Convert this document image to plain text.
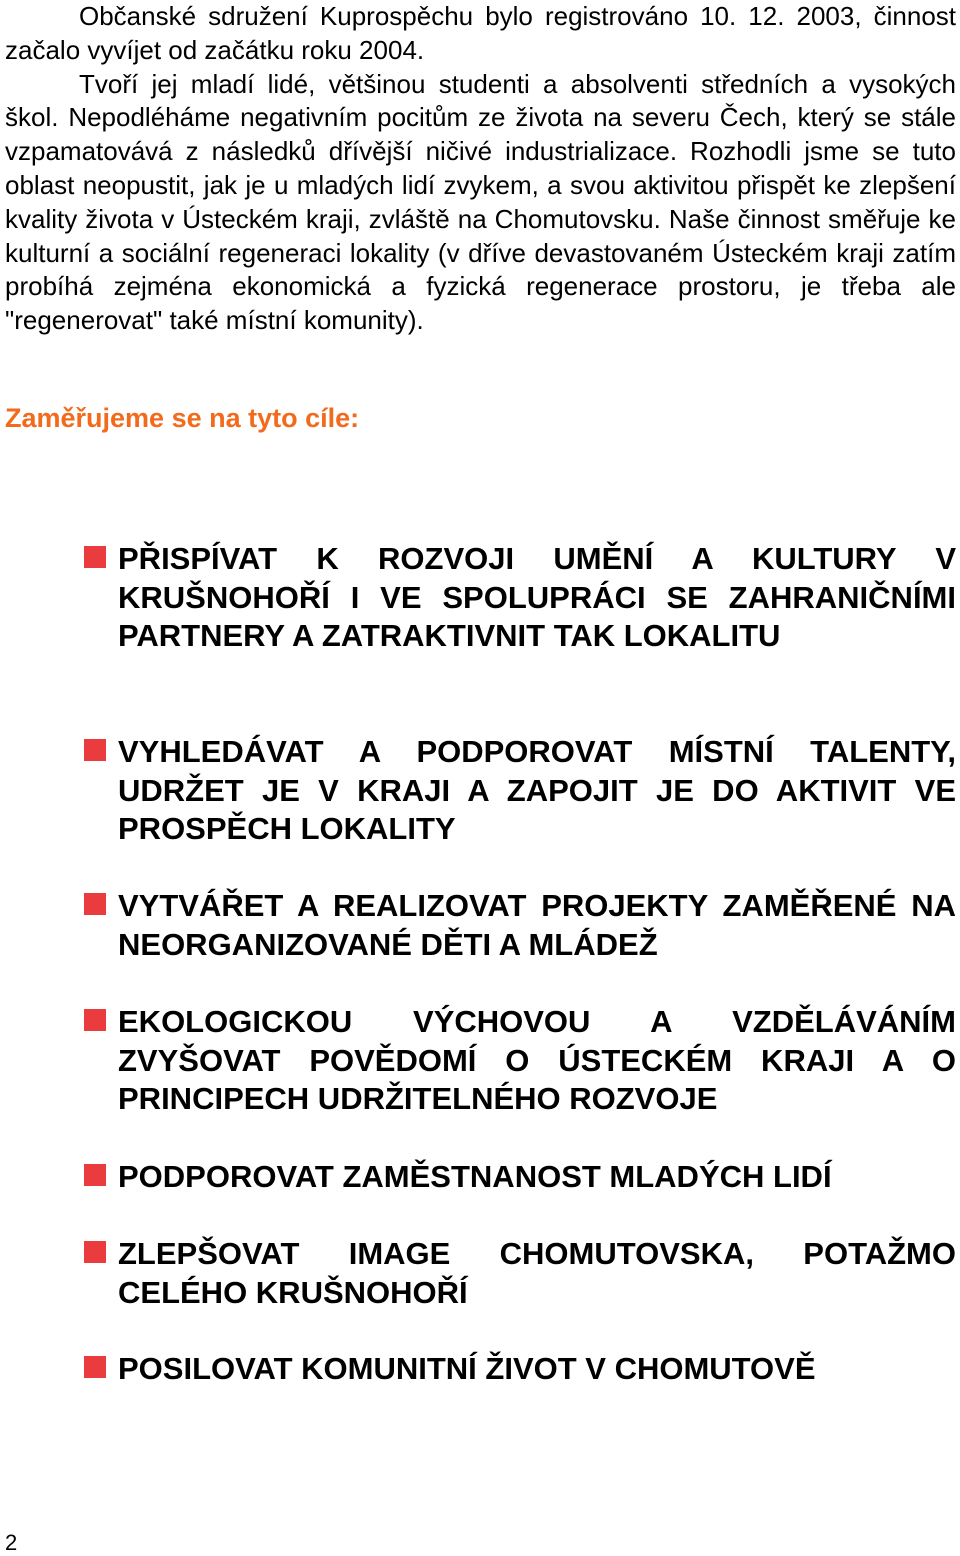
Občanské sdružení Kuprospěchu bylo registrováno 10. 12. 2003, činnost začalo vyvíjet od začátku roku 2004.

Tvoří jej mladí lidé, většinou studenti a absolventi středních a vysokých škol. Nepodléháme negativním pocitům ze života na severu Čech, který se stále vzpamatovává z následků dřívější ničivé industrializace. Rozhodli jsme se tuto oblast neopustit, jak je u mladých lidí zvykem, a svou aktivitou přispět ke zlepšení kvality života v Ústeckém kraji, zvláště na Chomutovsku. Naše činnost směřuje ke kulturní a sociální regeneraci lokality (v dříve devastovaném Ústeckém kraji zatím probíhá zejména ekonomická a fyzická regenerace prostoru, je třeba ale "regenerovat" také místní komunity).

Zaměřujeme se na tyto cíle:
PŘISPÍVAT K ROZVOJI UMĚNÍ A KULTURY V KRUŠNOHOŘÍ I VE SPOLUPRÁCI SE ZAHRANIČNÍMI PARTNERY A ZATRAKTIVNIT TAK LOKALITU
VYHLEDÁVAT A PODPOROVAT MÍSTNÍ TALENTY, UDRŽET JE V KRAJI A ZAPOJIT JE DO AKTIVIT VE PROSPĚCH LOKALITY
VYTVÁŘET A REALIZOVAT PROJEKTY ZAMĚŘENÉ NA NEORGANIZOVANÉ DĚTI A MLÁDEŽ
EKOLOGICKOU VÝCHOVOU A VZDĚLÁVÁNÍM ZVYŠOVAT POVĚDOMÍ O ÚSTECKÉM KRAJI A O PRINCIPECH UDRŽITELNÉHO ROZVOJE
PODPOROVAT ZAMĚSTNANOST MLADÝCH LIDÍ
ZLEPŠOVAT IMAGE CHOMUTOVSKA, POTAŽMO CELÉHO KRUŠNOHOŘÍ
POSILOVAT KOMUNITNÍ ŽIVOT V CHOMUTOVĚ
2
